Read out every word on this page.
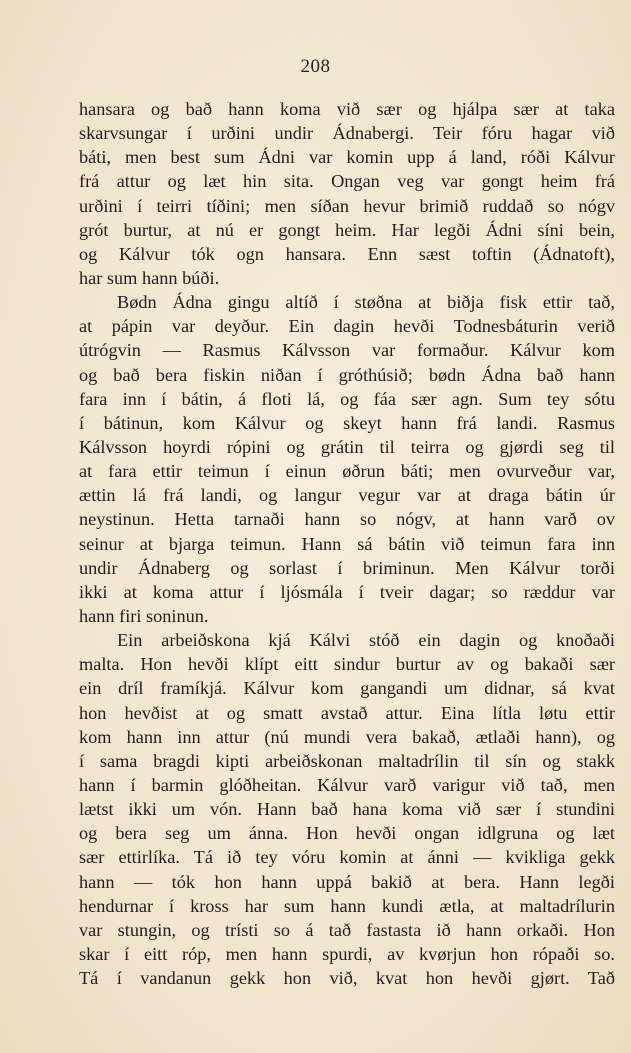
208
hansara og bað hann koma við sær og hjálpa sær at taka
skarvsungar í urðini undir Ádnabergi. Teir fóru hagar við
báti, men best sum Ádni var komin upp á land, róði Kálvur
frá attur og læt hin sita. Ongan veg var gongt heim frá
urðini í teirri tíðini; men síðan hevur brimið ruddað so nógv
grót burtur, at nú er gongt heim. Har legði Ádni síni bein,
og Kálvur tók ogn hansara. Enn sæst toftin (Ádnatoft),
har sum hann búði.
Bødn Ádna gingu altíð í støðna at biðja fisk ettir tað,
at pápin var deyður. Ein dagin hevði Todnesbáturin verið
útrógvin — Rasmus Kálvsson var formaður. Kálvur kom
og bað bera fiskin niðan í gróthúsið; bødn Ádna bað hann
fara inn í bátin, á floti lá, og fáa sær agn. Sum tey sótu
í bátinun, kom Kálvur og skeyt hann frá landi. Rasmus
Kálvsson hoyrdi rópini og grátin til teirra og gjørdi seg til
at fara ettir teimun í einun øðrun báti; men ovurveður var,
ættin lá frá landi, og langur vegur var at draga bátin úr
neystinun. Hetta tarnaði hann so nógv, at hann varð ov
seinur at bjarga teimun. Hann sá bátin við teimun fara inn
undir Ádnaberg og sorlast í briminun. Men Kálvur torði
ikki at koma attur í ljósmála í tveir dagar; so ræddur var
hann firi soninun.
Ein arbeiðskona kjá Kálvi stóð ein dagin og knoðaði
malta. Hon hevði klípt eitt sindur burtur av og bakaði sær
ein dríl framíkjá. Kálvur kom gangandi um didnar, sá kvat
hon hevðist at og smatt avstað attur. Eina lítla løtu ettir
kom hann inn attur (nú mundi vera bakað, ætlaði hann), og
í sama bragdi kipti arbeiðskonan maltadrílin til sín og stakk
hann í barmin glóðheitan. Kálvur varð varigur við tað, men
lætst ikki um vón. Hann bað hana koma við sær í stundini
og bera seg um ánna. Hon hevði ongan idlgruna og læt
sær ettirlíka. Tá ið tey vóru komin at ánni — kvikliga gekk
hann — tók hon hann uppá bakið at bera. Hann legði
hendurnar í kross har sum hann kundi ætla, at maltadrílurin
var stungin, og trísti so á tað fastasta ið hann orkaði. Hon
skar í eitt róp, men hann spurdi, av kvørjun hon rópaði so.
Tá í vandanun gekk hon við, kvat hon hevði gjørt. Tað
